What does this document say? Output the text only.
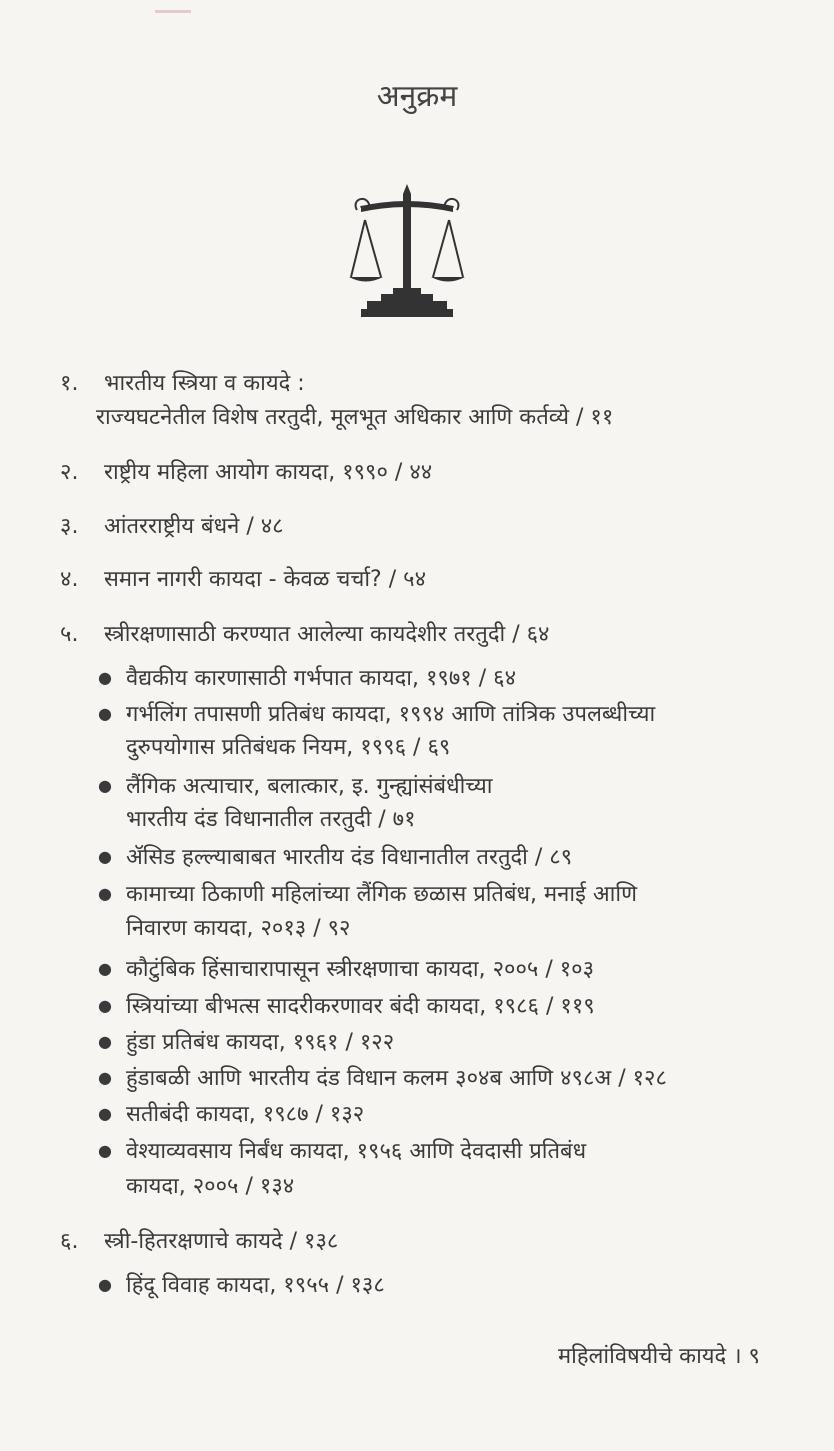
अनुक्रम
१. भारतीय स्त्रिया व कायदे :
राज्यघटनेतील विशेष तरतुदी, मूलभूत अधिकार आणि कर्तव्ये / ११
२. राष्ट्रीय महिला आयोग कायदा, १९९० / ४४
३. आंतरराष्ट्रीय बंधने / ४८
४. समान नागरी कायदा - केवळ चर्चा? / ५४
५. स्त्रीरक्षणासाठी करण्यात आलेल्या कायदेशीर तरतुदी / ६४
● वैद्यकीय कारणासाठी गर्भपात कायदा, १९७१ / ६४
● गर्भलिंग तपासणी प्रतिबंध कायदा, १९९४ आणि तांत्रिक उपलब्धीच्या
दुरुपयोगास प्रतिबंधक नियम, १९९६ / ६९
● लैंगिक अत्याचार, बलात्कार, इ. गुन्ह्यांसंबंधीच्या
भारतीय दंड विधानातील तरतुदी / ७१
● ॲसिड हल्ल्याबाबत भारतीय दंड विधानातील तरतुदी / ८९
● कामाच्या ठिकाणी महिलांच्या लैंगिक छळास प्रतिबंध, मनाई आणि
निवारण कायदा, २०१३ / ९२
● कौटुंबिक हिंसाचारापासून स्त्रीरक्षणाचा कायदा, २००५ / १०३
● स्त्रियांच्या बीभत्स सादरीकरणावर बंदी कायदा, १९८६ / ११९
● हुंडा प्रतिबंध कायदा, १९६१ / १२२
● हुंडाबळी आणि भारतीय दंड विधान कलम ३०४ब आणि ४९८अ / १२८
● सतीबंदी कायदा, १९८७ / १३२
● वेश्याव्यवसाय निर्बंध कायदा, १९५६ आणि देवदासी प्रतिबंध
कायदा, २००५ / १३४
६. स्त्री-हितरक्षणाचे कायदे / १३८
● हिंदू विवाह कायदा, १९५५ / १३८
महिलांविषयीचे कायदे । ९
